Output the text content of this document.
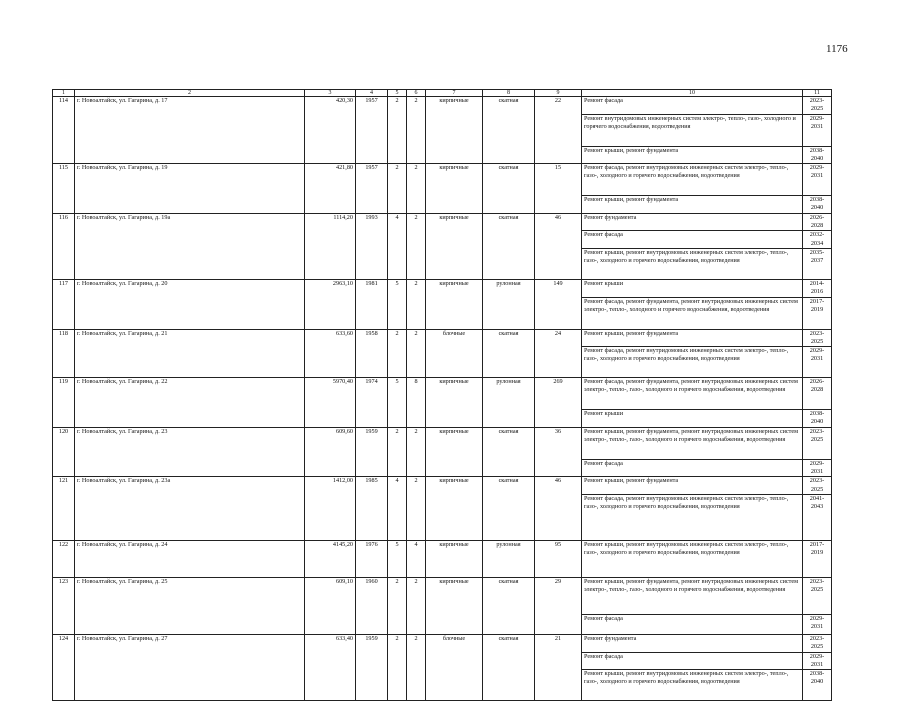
1176
1	2	3	4	5	6	7	8	9	10	11
114	г. Новоалтайск, ул. Гагарина, д. 17	420,30	1957	2	2	кирпичные	скатная	22	Ремонт фасада	2023-2025
									Ремонт внутридомовых инженерных систем электро-, тепло-, газо-, холодного и горячего водоснабжения, водоотведения	2029-2031
									Ремонт крыши, ремонт фундамента	2038-2040
115	г. Новоалтайск, ул. Гагарина, д. 19	421,80	1957	2	2	кирпичные	скатная	15	Ремонт фасада, ремонт внутридомовых инженерных систем электро-, тепло-, газо-, холодного и горячего водоснабжения, водоотведения	2029-2031
									Ремонт крыши, ремонт фундамента	2038-2040
116	г. Новоалтайск, ул. Гагарина, д. 19а	1114,20	1993	4	2	кирпичные	скатная	46	Ремонт фундамента	2026-2028
									Ремонт фасада	2032-2034
									Ремонт крыши, ремонт внутридомовых инженерных систем электро-, тепло-, газо-, холодного и горячего водоснабжения, водоотведения	2035-2037
117	г. Новоалтайск, ул. Гагарина, д. 20	2963,10	1981	5	2	кирпичные	рулонная	149	Ремонт крыши	2014-2016
									Ремонт фасада, ремонт фундамента, ремонт внутридомовых инженерных систем электро-, тепло-, холодного и горячего водоснабжения, водоотведения	2017-2019
118	г. Новоалтайск, ул. Гагарина, д. 21	633,60	1958	2	2	блочные	скатная	24	Ремонт крыши, ремонт фундамента	2023-2025
									Ремонт фасада, ремонт внутридомовых инженерных систем электро-, тепло-, газо-, холодного и горячего водоснабжения, водоотведения	2029-2031
119	г. Новоалтайск, ул. Гагарина, д. 22	5970,40	1974	5	8	кирпичные	рулонная	269	Ремонт фасада, ремонт фундамента, ремонт внутридомовых инженерных систем электро-, тепло-, газо-, холодного и горячего водоснабжения, водоотведения	2026-2028
									Ремонт крыши	2038-2040
120	г. Новоалтайск, ул. Гагарина, д. 23	609,60	1959	2	2	кирпичные	скатная	36	Ремонт крыши, ремонт фундамента, ремонт внутридомовых инженерных систем электро-, тепло-, газо-, холодного и горячего водоснабжения, водоотведения	2023-2025
									Ремонт фасада	2029-2031
121	г. Новоалтайск, ул. Гагарина, д. 23а	1412,00	1985	4	2	кирпичные	скатная	46	Ремонт крыши, ремонт фундамента	2023-2025
									Ремонт фасада, ремонт внутридомовых инженерных систем электро-, тепло-, газо-, холодного и горячего водоснабжения, водоотведения	2041-2043
122	г. Новоалтайск, ул. Гагарина, д. 24	4145,20	1976	5	4	кирпичные	рулонная	95	Ремонт крыши, ремонт внутридомовых инженерных систем электро-, тепло-, газо-, холодного и горячего водоснабжения, водоотведения	2017-2019
123	г. Новоалтайск, ул. Гагарина, д. 25	609,10	1960	2	2	кирпичные	скатная	29	Ремонт крыши, ремонт фундамента, ремонт внутридомовых инженерных систем электро-, тепло-, газо-, холодного и горячего водоснабжения, водоотведения	2023-2025
									Ремонт фасада	2029-2031
124	г. Новоалтайск, ул. Гагарина, д. 27	633,40	1959	2	2	блочные	скатная	21	Ремонт фундамента	2023-2025
									Ремонт фасада	2029-2031
									Ремонт крыши, ремонт внутридомовых инженерных систем электро-, тепло-, газо-, холодного и горячего водоснабжения, водоотведения	2038-2040
